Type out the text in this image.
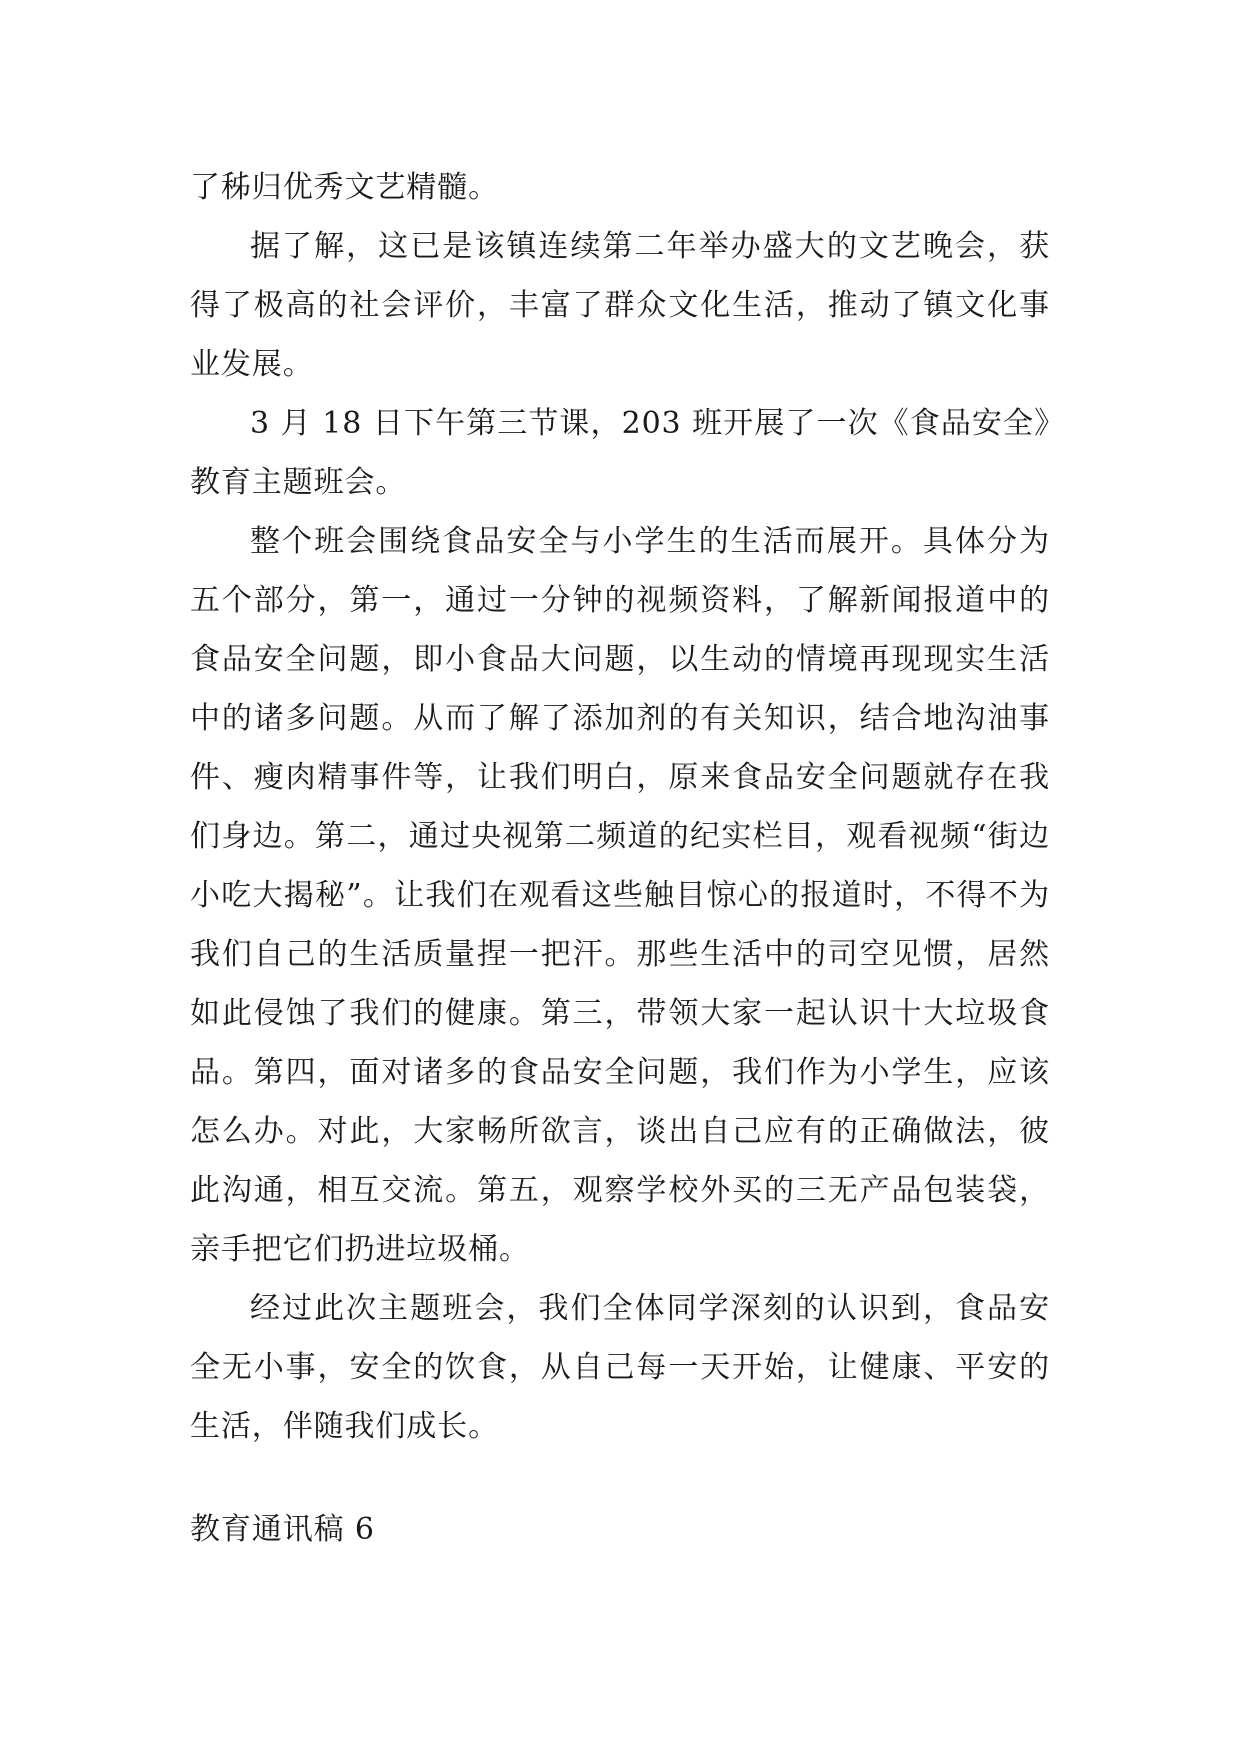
了秭归优秀文艺精髓。

据了解，这已是该镇连续第二年举办盛大的文艺晚会，获得了极高的社会评价，丰富了群众文化生活，推动了镇文化事业发展。

3 月 18 日下午第三节课，203 班开展了一次《食品安全》教育主题班会。

整个班会围绕食品安全与小学生的生活而展开。具体分为五个部分，第一，通过一分钟的视频资料，了解新闻报道中的食品安全问题，即小食品大问题，以生动的情境再现现实生活中的诸多问题。从而了解了添加剂的有关知识，结合地沟油事件、瘦肉精事件等，让我们明白，原来食品安全问题就存在我们身边。第二，通过央视第二频道的纪实栏目，观看视频“街边小吃大揭秘”。让我们在观看这些触目惊心的报道时，不得不为我们自己的生活质量捏一把汗。那些生活中的司空见惯，居然如此侵蚀了我们的健康。第三，带领大家一起认识十大垃圾食品。第四，面对诸多的食品安全问题，我们作为小学生，应该怎么办。对此，大家畅所欲言，谈出自己应有的正确做法，彼此沟通，相互交流。第五，观察学校外买的三无产品包装袋，亲手把它们扔进垃圾桶。

经过此次主题班会，我们全体同学深刻的认识到，食品安全无小事，安全的饮食，从自己每一天开始，让健康、平安的生活，伴随我们成长。

教育通讯稿 6
